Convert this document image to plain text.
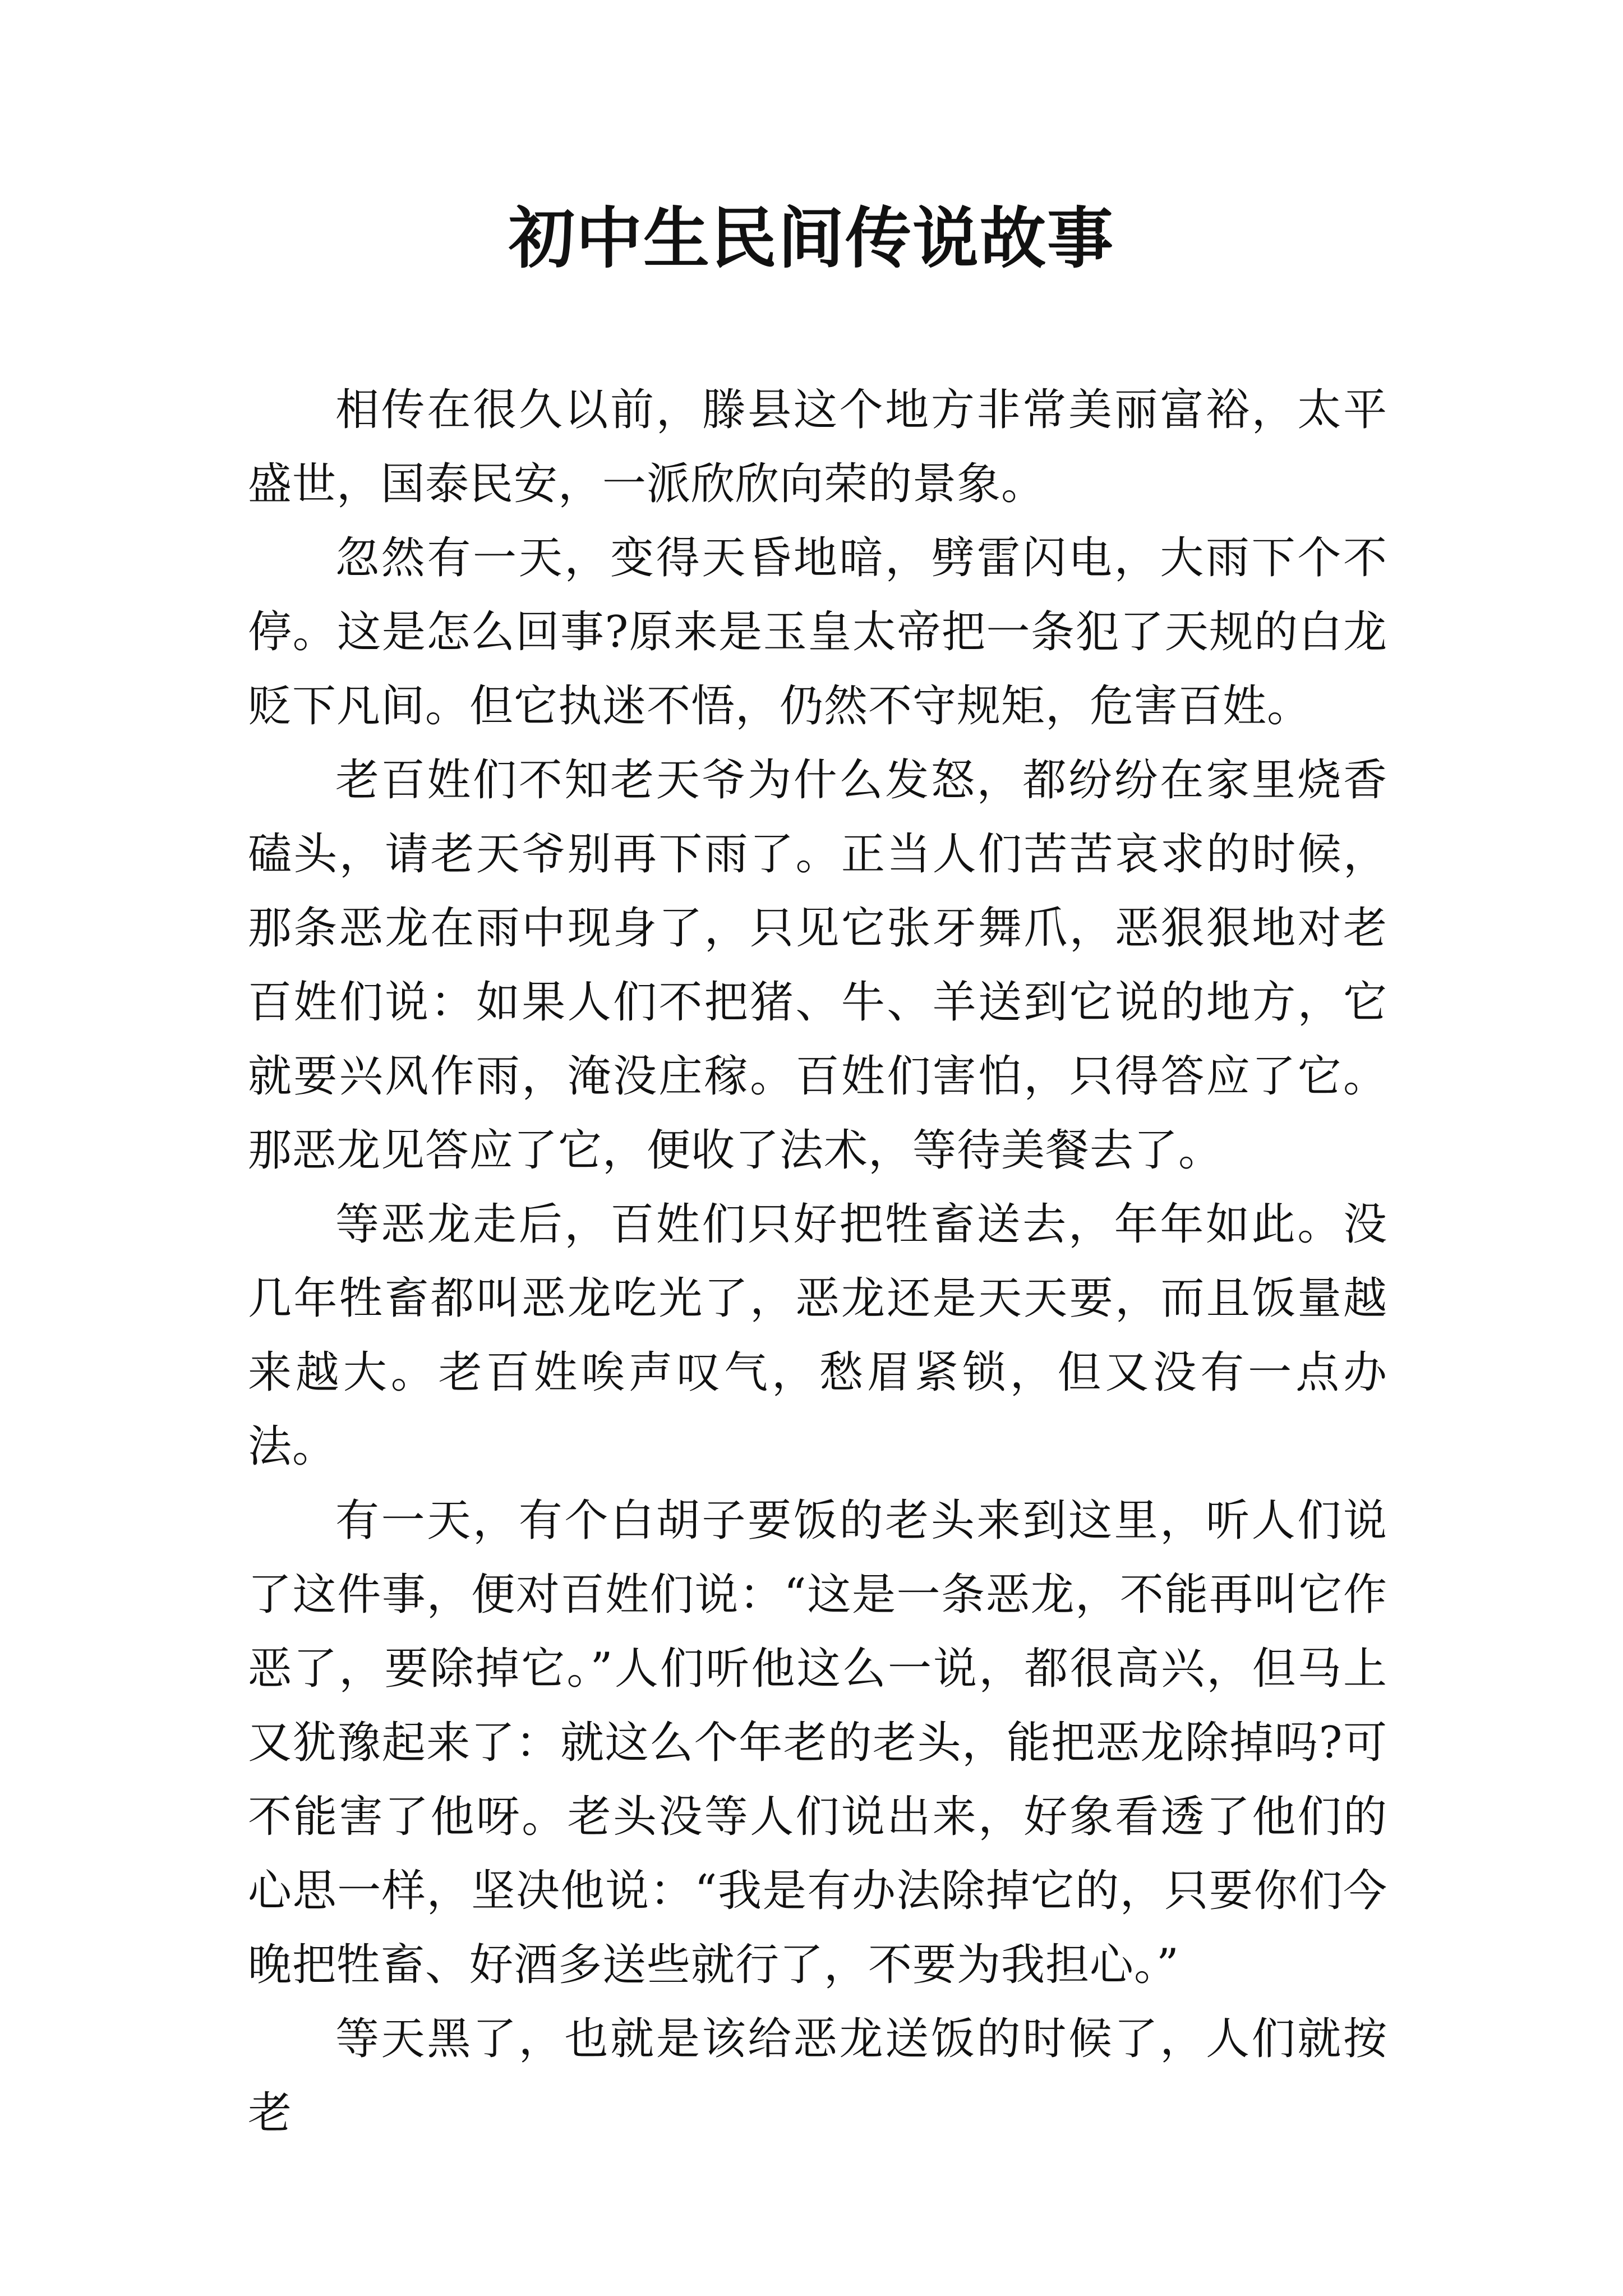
初中生民间传说故事

相传在很久以前，滕县这个地方非常美丽富裕，太平盛世，国泰民安，一派欣欣向荣的景象。

忽然有一天，变得天昏地暗，劈雷闪电，大雨下个不停。这是怎么回事?原来是玉皇太帝把一条犯了天规的白龙贬下凡间。但它执迷不悟，仍然不守规矩，危害百姓。

老百姓们不知老天爷为什么发怒，都纷纷在家里烧香磕头，请老天爷别再下雨了。正当人们苦苦哀求的时候，那条恶龙在雨中现身了，只见它张牙舞爪，恶狠狠地对老百姓们说：如果人们不把猪、牛、羊送到它说的地方，它就要兴风作雨，淹没庄稼。百姓们害怕，只得答应了它。那恶龙见答应了它，便收了法术，等待美餐去了。

等恶龙走后，百姓们只好把牲畜送去，年年如此。没几年牲畜都叫恶龙吃光了，恶龙还是天天要，而且饭量越来越大。老百姓唉声叹气，愁眉紧锁，但又没有一点办法。

有一天，有个白胡子要饭的老头来到这里，听人们说了这件事，便对百姓们说：“这是一条恶龙，不能再叫它作恶了，要除掉它。”人们听他这么一说，都很高兴，但马上又犹豫起来了：就这么个年老的老头，能把恶龙除掉吗?可不能害了他呀。老头没等人们说出来，好象看透了他们的心思一样，坚决他说：“我是有办法除掉它的，只要你们今晚把牲畜、好酒多送些就行了，不要为我担心。”

等天黑了，也就是该给恶龙送饭的时候了，人们就按老
